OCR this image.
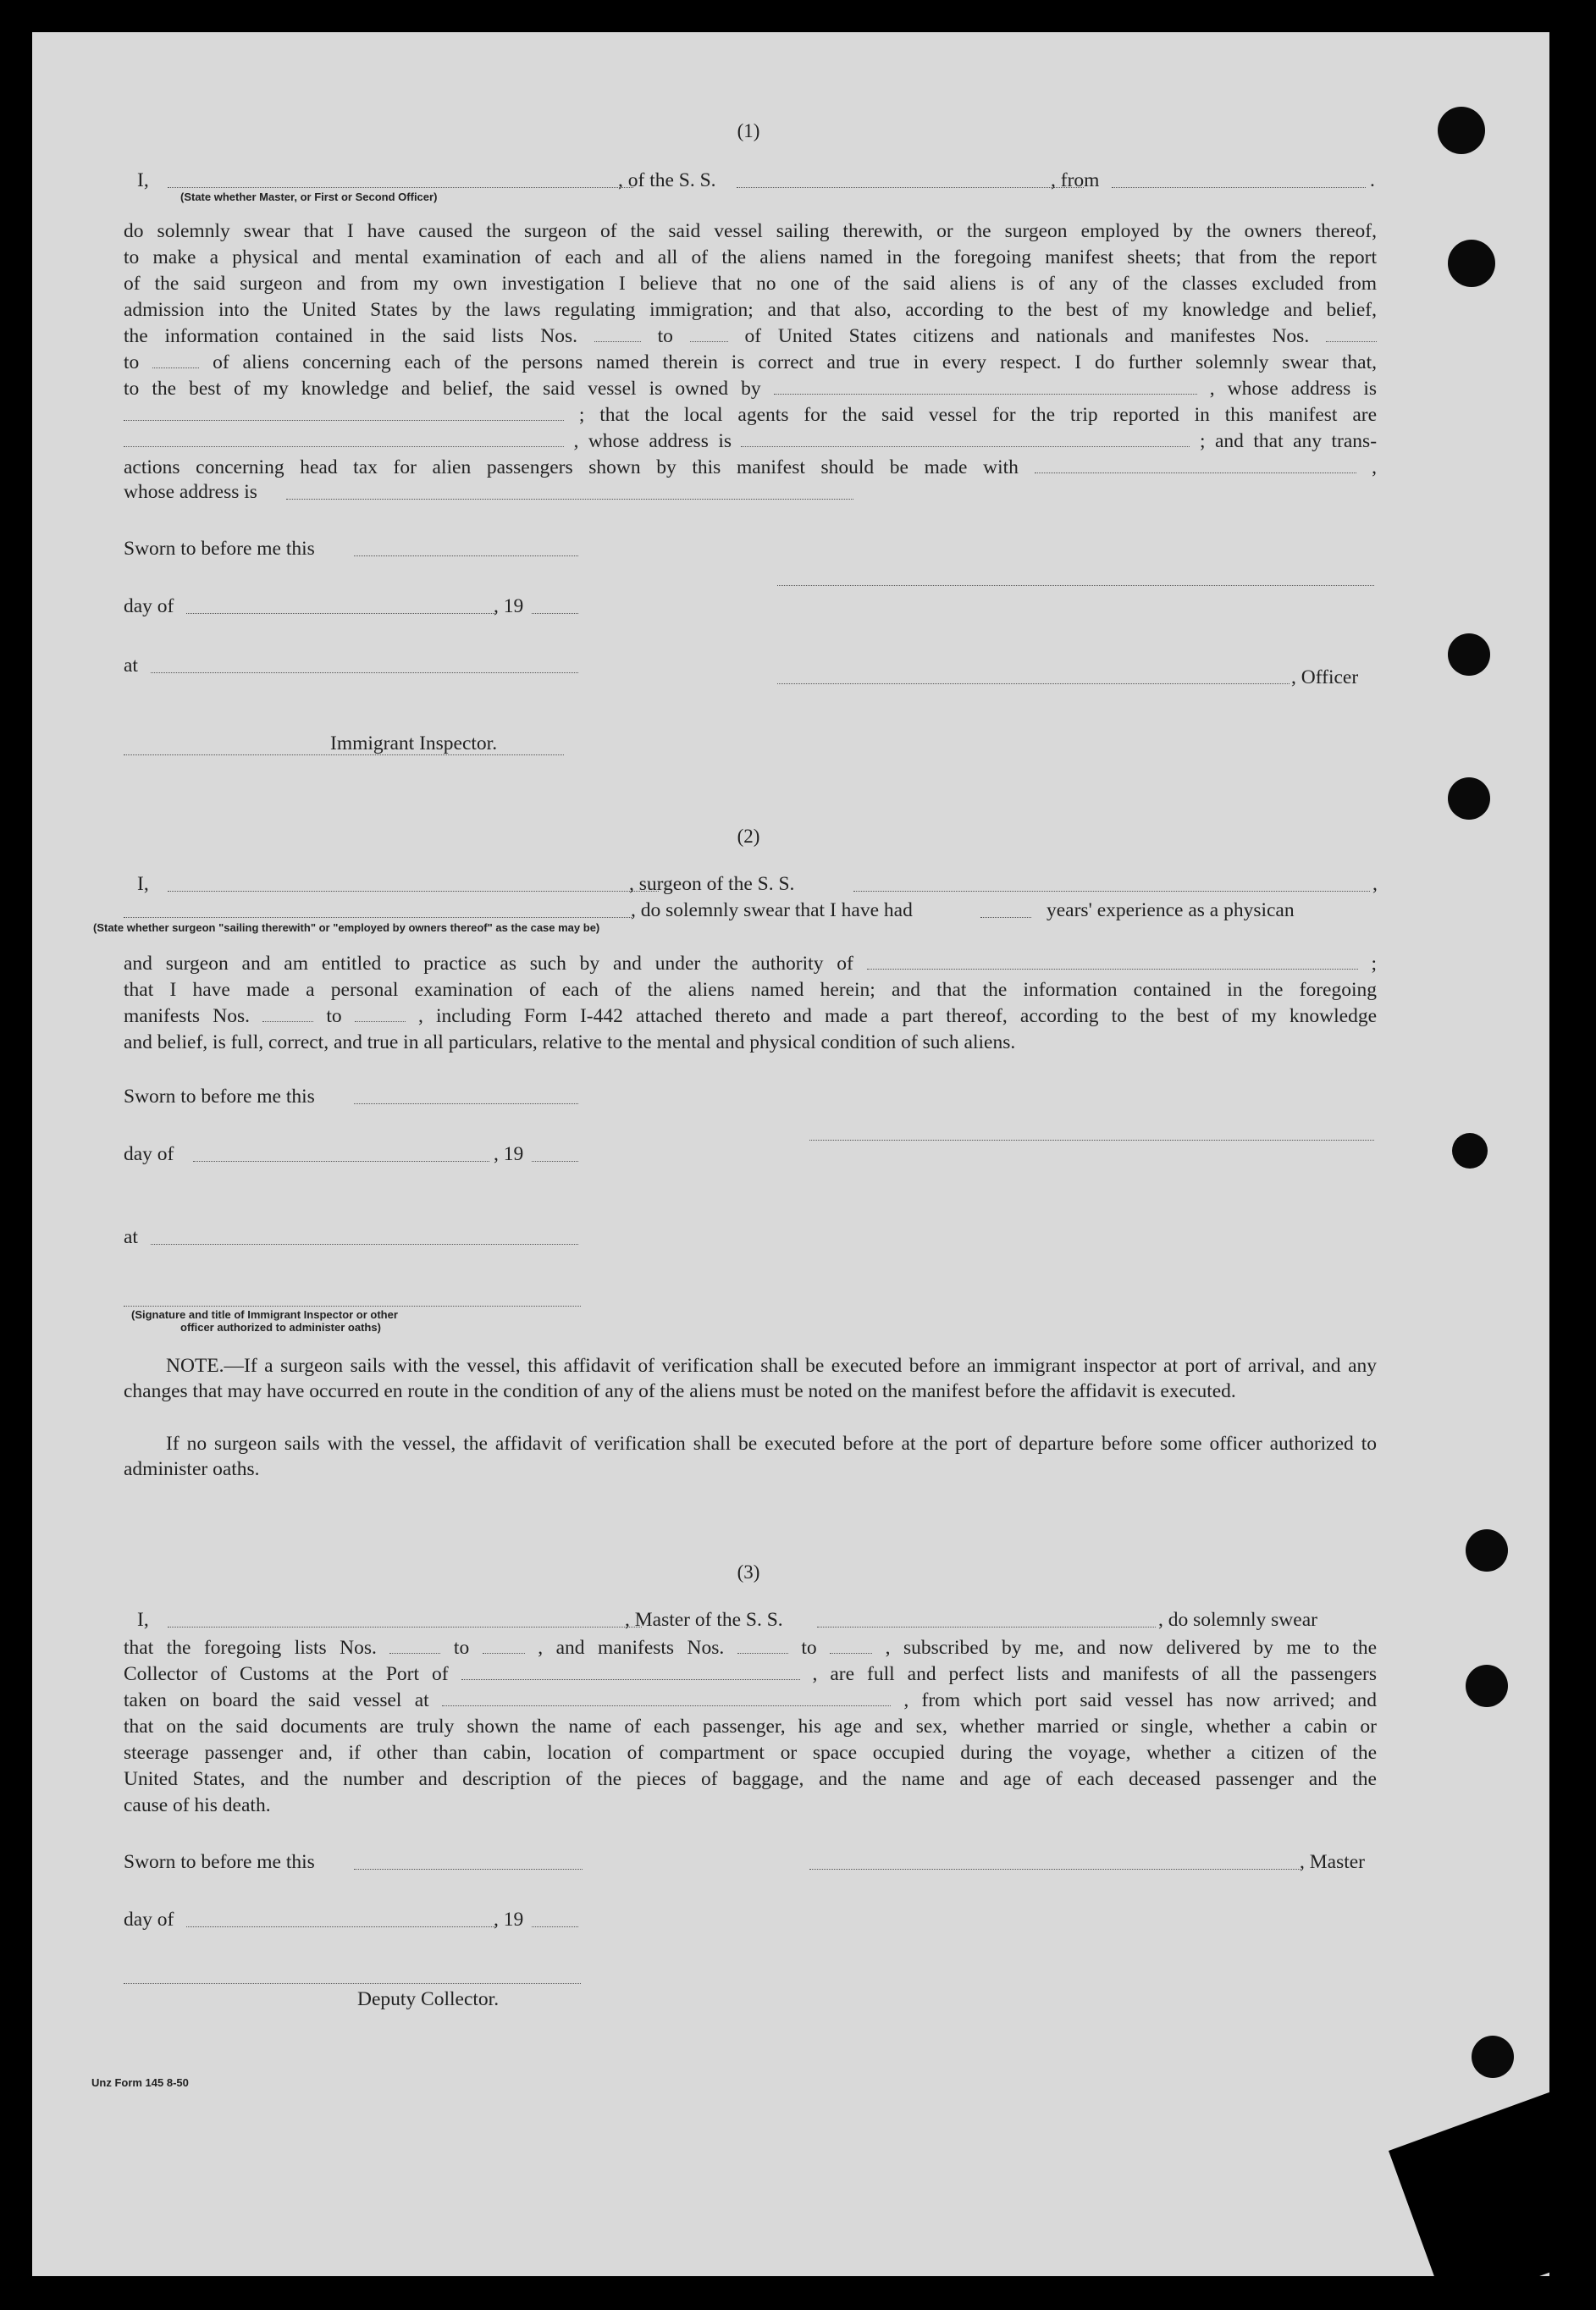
(1)
I,	, of the S. S.	, from	.
(State whether Master, or First or Second Officer)
do solemnly swear that I have caused the surgeon of the said vessel sailing therewith, or the surgeon employed by the owners thereof,
to make a physical and mental examination of each and all of the aliens named in the foregoing manifest sheets; that from the report
of the said surgeon and from my own investigation I believe that no one of the said aliens is of any of the classes excluded from
admission into the United States by the laws regulating immigration; and that also, according to the best of my knowledge and belief,
the information contained in the said lists Nos.	to	of United States citizens and nationals and manifestes Nos.
to	of aliens concerning each of the persons named therein is correct and true in every respect. I do further solemnly swear that,
to the best of my knowledge and belief, the said vessel is owned by	, whose address is
; that the local agents for the said vessel for the trip reported in this manifest are
, whose address is	; and that any trans-
actions concerning head tax for alien passengers shown by this manifest should be made with	,
whose address is
Sworn to before me this
day of	, 19
at
, Officer
Immigrant Inspector.
(2)
I,	, surgeon of the S. S.	,
, do solemnly swear that I have had	years' experience as a physican
(State whether surgeon "sailing therewith" or "employed by owners thereof" as the case may be)
and surgeon and am entitled to practice as such by and under the authority of	;
that I have made a personal examination of each of the aliens named herein; and that the information contained in the foregoing
manifests Nos.	to	, including Form I-442 attached thereto and made a part thereof, according to the best of my knowledge
and belief, is full, correct, and true in all particulars, relative to the mental and physical condition of such aliens.
Sworn to before me this
day of	, 19
at
(Signature and title of Immigrant Inspector or other
officer authorized to administer oaths)
NOTE.—If a surgeon sails with the vessel, this affidavit of verification shall be executed before an immigrant inspector at port of arrival, and any changes that may have occurred en route in the condition of any of the aliens must be noted on the manifest before the affidavit is executed.
If no surgeon sails with the vessel, the affidavit of verification shall be executed before at the port of departure before some officer authorized to administer oaths.
(3)
I,	, Master of the S. S.	, do solemnly swear
that the foregoing lists Nos.	to	, and manifests Nos.	to	, subscribed by me, and now delivered by me to the
Collector of Customs at the Port of	, are full and perfect lists and manifests of all the passengers
taken on board the said vessel at	, from which port said vessel has now arrived; and
that on the said documents are truly shown the name of each passenger, his age and sex, whether married or single, whether a cabin or
steerage passenger and, if other than cabin, location of compartment or space occupied during the voyage, whether a citizen of the
United States, and the number and description of the pieces of baggage, and the name and age of each deceased passenger and the
cause of his death.
Sworn to before me this	, Master
day of	, 19
Deputy Collector.
Unz Form 145 8-50
